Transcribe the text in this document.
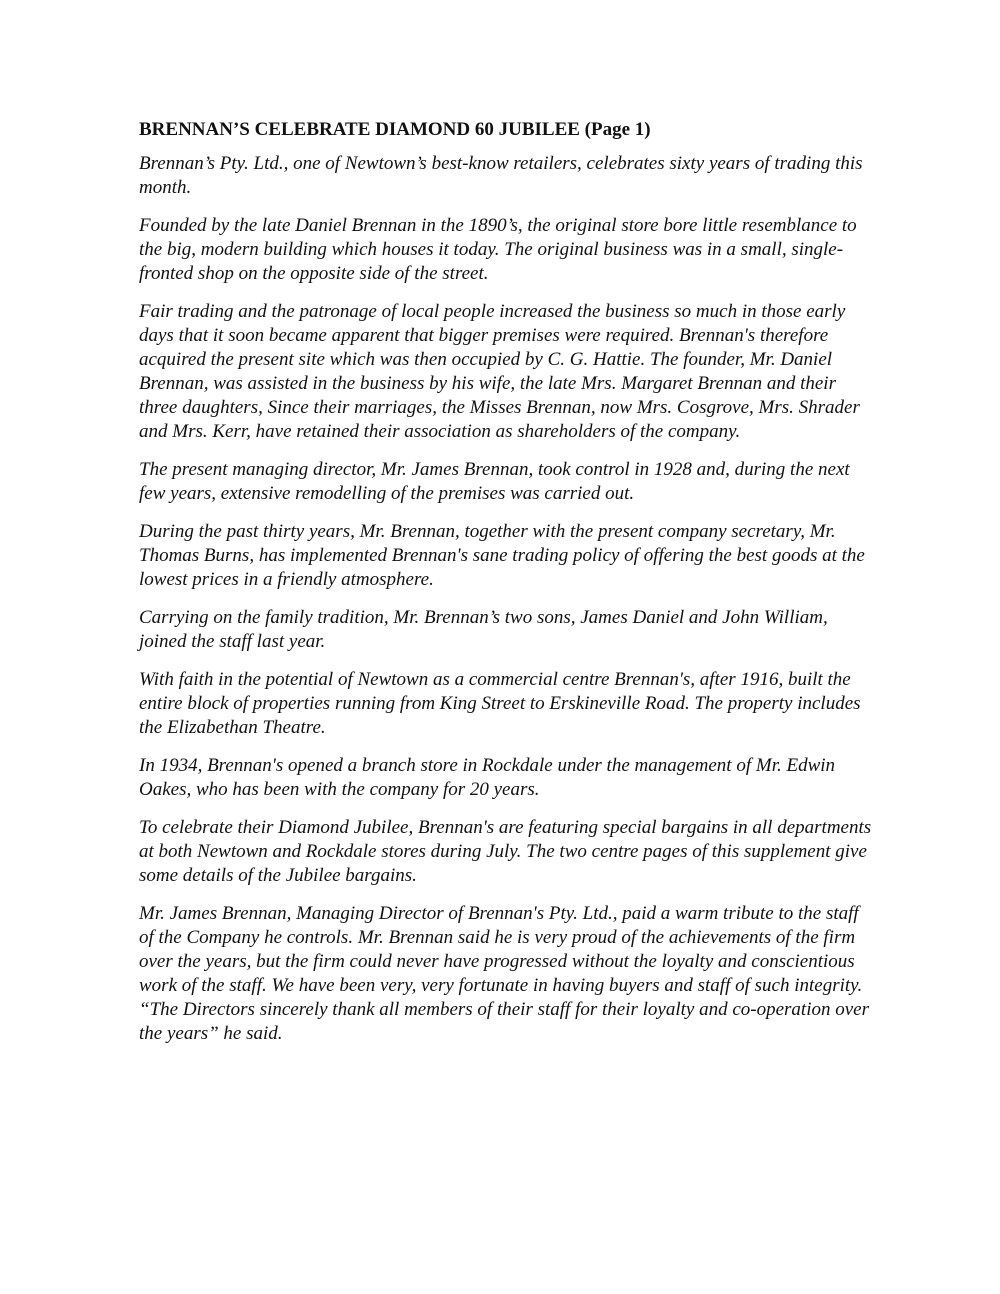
BRENNAN’S CELEBRATE DIAMOND 60 JUBILEE (Page 1)

Brennan’s Pty. Ltd., one of Newtown’s best-know retailers, celebrates sixty years of trading this month.

Founded by the late Daniel Brennan in the 1890’s, the original store bore little resemblance to the big, modern building which houses it today. The original business was in a small, single-fronted shop on the opposite side of the street.

Fair trading and the patronage of local people increased the business so much in those early days that it soon became apparent that bigger premises were required. Brennan's therefore acquired the present site which was then occupied by C. G. Hattie. The founder, Mr. Daniel Brennan, was assisted in the business by his wife, the late Mrs. Margaret Brennan and their three daughters, Since their marriages, the Misses Brennan, now Mrs. Cosgrove, Mrs. Shrader and Mrs. Kerr, have retained their association as shareholders of the company.

The present managing director, Mr. James Brennan, took control in 1928 and, during the next few years, extensive remodelling of the premises was carried out.

During the past thirty years, Mr. Brennan, together with the present company secretary, Mr. Thomas Burns, has implemented Brennan's sane trading policy of offering the best goods at the lowest prices in a friendly atmosphere.

Carrying on the family tradition, Mr. Brennan’s two sons, James Daniel and John William, joined the staff last year.

With faith in the potential of Newtown as a commercial centre Brennan's, after 1916, built the entire block of properties running from King Street to Erskineville Road. The property includes the Elizabethan Theatre.

In 1934, Brennan's opened a branch store in Rockdale under the management of Mr. Edwin Oakes, who has been with the company for 20 years.

To celebrate their Diamond Jubilee, Brennan's are featuring special bargains in all departments at both Newtown and Rockdale stores during July. The two centre pages of this supplement give some details of the Jubilee bargains.

Mr. James Brennan, Managing Director of Brennan's Pty. Ltd., paid a warm tribute to the staff of the Company he controls. Mr. Brennan said he is very proud of the achievements of the firm over the years, but the firm could never have progressed without the loyalty and conscientious work of the staff. We have been very, very fortunate in having buyers and staff of such integrity. “The Directors sincerely thank all members of their staff for their loyalty and co-operation over the years” he said.
